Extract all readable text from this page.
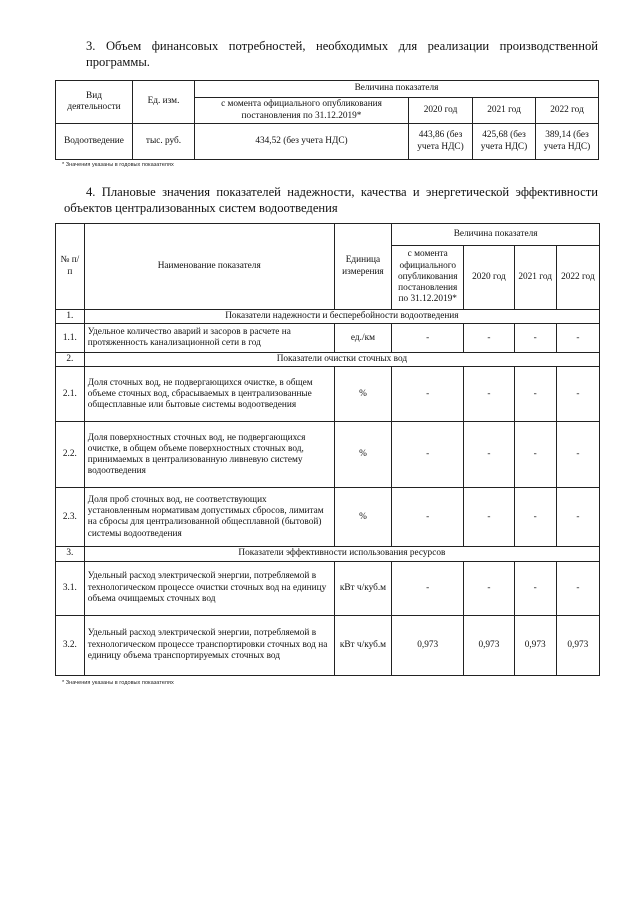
3. Объем финансовых потребностей, необходимых для реализации производственной программы.

Вид деятельности	Ед. изм.	Величина показателя			
		с момента официального опубликования постановления по 31.12.2019*	2020 год	2021 год	2022 год
Водоотведение	тыс. руб.	434,52 (без учета НДС)	443,86 (без учета НДС)	425,68 (без учета НДС)	389,14 (без учета НДС)
* Значения указаны в годовых показателях

4. Плановые значения показателей надежности, качества и энергетической эффективности объектов централизованных систем водоотведения

№ п/п	Наименование показателя	Единица измерения	Величина показателя			
			с момента официального опубликования постановления по 31.12.2019*	2020 год	2021 год	2022 год
1.	Показатели надежности и бесперебойности водоотведения					
1.1.	Удельное количество аварий и засоров в расчете на протяженность канализационной сети в год	ед./км	-	-	-	-
2.	Показатели очистки сточных вод					
2.1.	Доля сточных вод, не подвергающихся очистке, в общем объеме сточных вод, сбрасываемых в централизованные общесплавные или бытовые системы водоотведения	%	-	-	-	-
2.2.	Доля поверхностных сточных вод, не подвергающихся очистке, в общем объеме поверхностных сточных вод, принимаемых в централизованную ливневую систему водоотведения	%	-	-	-	-
2.3.	Доля проб сточных вод, не соответствующих установленным нормативам допустимых сбросов, лимитам на сбросы для централизованной общесплавной (бытовой) системы водоотведения	%	-	-	-	-
3.	Показатели эффективности использования ресурсов					
3.1.	Удельный расход электрической энергии, потребляемой в технологическом процессе очистки сточных вод на единицу объема очищаемых сточных вод	кВт ч/куб.м	-	-	-	-
3.2.	Удельный расход электрической энергии, потребляемой в технологическом процессе транспортировки сточных вод на единицу объема транспортируемых сточных вод	кВт ч/куб.м	0,973	0,973	0,973	0,973
* Значения указаны в годовых показателях
